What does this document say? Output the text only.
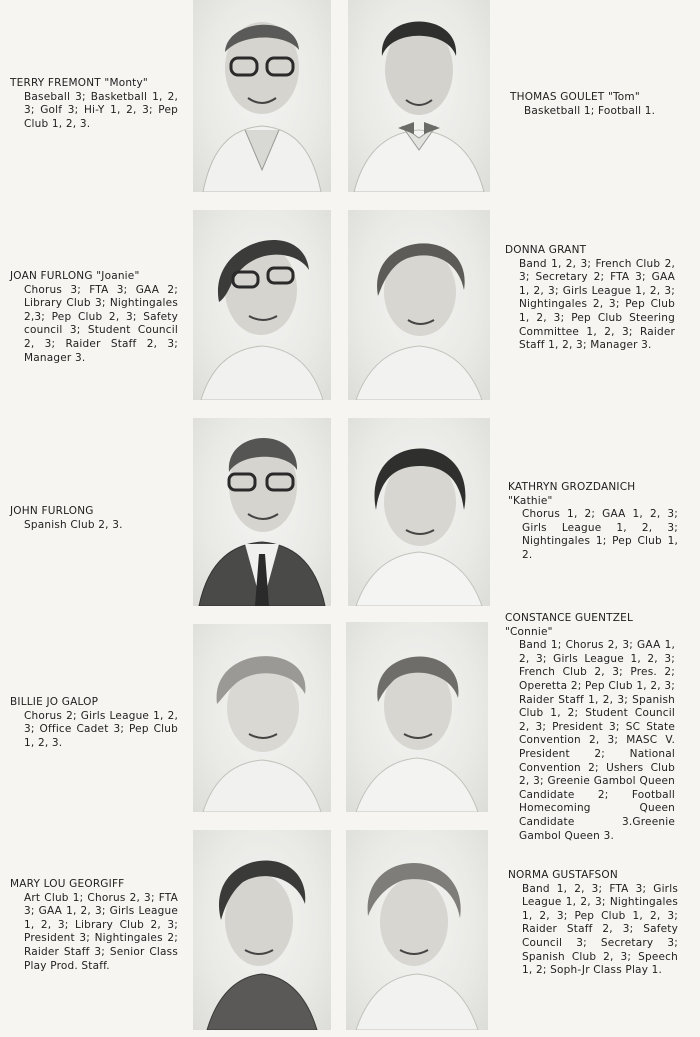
TERRY FREMONT "Monty"
Baseball 3; Basketball 1, 2, 3; Golf 3; Hi-Y 1, 2, 3; Pep Club 1, 2, 3.
THOMAS GOULET "Tom"
Basketball 1; Football 1.
JOAN FURLONG "Joanie"
Chorus 3; FTA 3; GAA 2; Library Club 3; Nightingales 2,3; Pep Club 2, 3; Safety council 3; Student Council 2, 3; Raider Staff 2, 3; Manager 3.
DONNA GRANT
Band 1, 2, 3; French Club 2, 3; Secretary 2; FTA 3; GAA 1, 2, 3; Girls League 1, 2, 3; Nightingales 2, 3; Pep Club 1, 2, 3; Pep Club Steering Committee 1, 2, 3; Raider Staff 1, 2, 3; Manager 3.
JOHN FURLONG
Spanish Club 2, 3.
KATHRYN GROZDANICH
"Kathie"
Chorus 1, 2; GAA 1, 2, 3; Girls League 1, 2, 3; Nightingales 1; Pep Club 1, 2.
BILLIE JO GALOP
Chorus 2; Girls League 1, 2, 3; Office Cadet 3; Pep Club 1, 2, 3.
CONSTANCE GUENTZEL
"Connie"
Band 1; Chorus 2, 3; GAA 1, 2, 3; Girls League 1, 2, 3; French Club 2, 3; Pres. 2; Operetta 2; Pep Club 1, 2, 3; Raider Staff 1, 2, 3; Spanish Club 1, 2; Student Council 2, 3; President 3; SC State Convention 2, 3; MASC V. President 2; National Convention 2; Ushers Club 2, 3; Greenie Gambol Queen Candidate 2; Football Homecoming Queen Candidate 3.Greenie Gambol Queen 3.
MARY LOU GEORGIFF
Art Club 1; Chorus 2, 3; FTA 3; GAA 1, 2, 3; Girls League 1, 2, 3; Library Club 2, 3; President 3; Nightingales 2; Raider Staff 3; Senior Class Play Prod. Staff.
NORMA GUSTAFSON
Band 1, 2, 3; FTA 3; Girls League 1, 2, 3; Nightingales 1, 2, 3; Pep Club 1, 2, 3; Raider Staff 2, 3; Safety Council 3; Secretary 3; Spanish Club 2, 3; Speech 1, 2; Soph-Jr Class Play 1.
